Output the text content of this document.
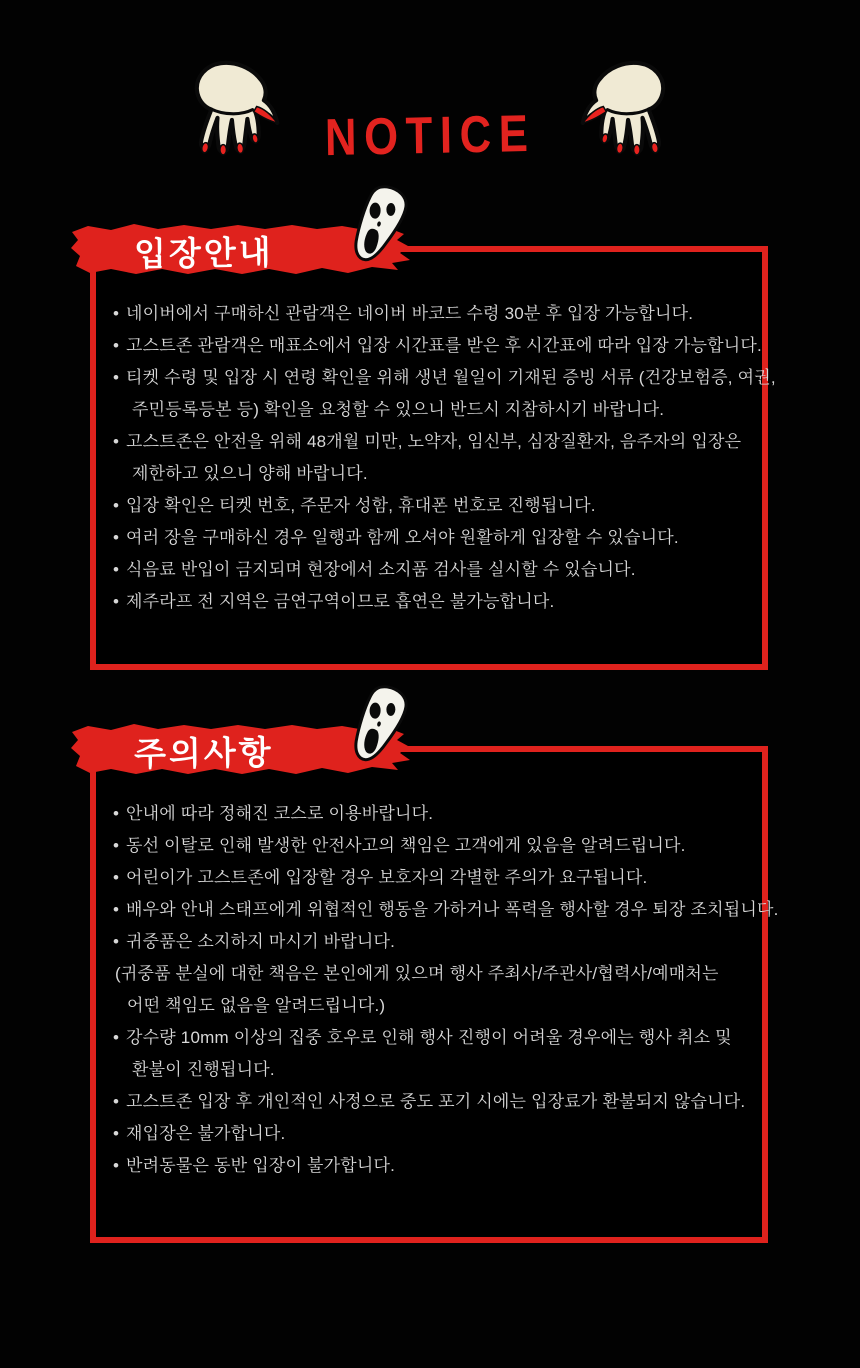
NOTICE
• 네이버에서 구매하신 관람객은 네이버 바코드 수령 30분 후 입장 가능합니다.
• 고스트존 관람객은 매표소에서 입장 시간표를 받은 후 시간표에 따라 입장 가능합니다.
• 티켓 수령 및 입장 시 연령 확인을 위해 생년 월일이 기재된 증빙 서류 (건강보험증, 여권,
주민등록등본 등) 확인을 요청할 수 있으니 반드시 지참하시기 바랍니다.
• 고스트존은 안전을 위해 48개월 미만, 노약자, 임신부, 심장질환자, 음주자의 입장은
제한하고 있으니 양해 바랍니다.
• 입장 확인은 티켓 번호, 주문자 성함, 휴대폰 번호로 진행됩니다.
• 여러 장을 구매하신 경우 일행과 함께 오셔야 원활하게 입장할 수 있습니다.
• 식음료 반입이 금지되며 현장에서 소지품 검사를 실시할 수 있습니다.
• 제주라프 전 지역은 금연구역이므로 흡연은 불가능합니다.
입장안내
• 안내에 따라 정해진 코스로 이용바랍니다.
• 동선 이탈로 인해 발생한 안전사고의 책임은 고객에게 있음을 알려드립니다.
• 어린이가 고스트존에 입장할 경우 보호자의 각별한 주의가 요구됩니다.
• 배우와 안내 스태프에게 위협적인 행동을 가하거나 폭력을 행사할 경우 퇴장 조치됩니다.
• 귀중품은 소지하지 마시기 바랍니다.
(귀중품 분실에 대한 책음은 본인에게 있으며 행사 주최사/주관사/협력사/예매처는
어떤 책임도 없음을 알려드립니다.)
• 강수량 10mm 이상의 집중 호우로 인해 행사 진행이 어려울 경우에는 행사 취소 및
환불이 진행됩니다.
• 고스트존 입장 후 개인적인 사정으로 중도 포기 시에는 입장료가 환불되지 않습니다.
• 재입장은 불가합니다.
• 반려동물은 동반 입장이 불가합니다.
주의사항
